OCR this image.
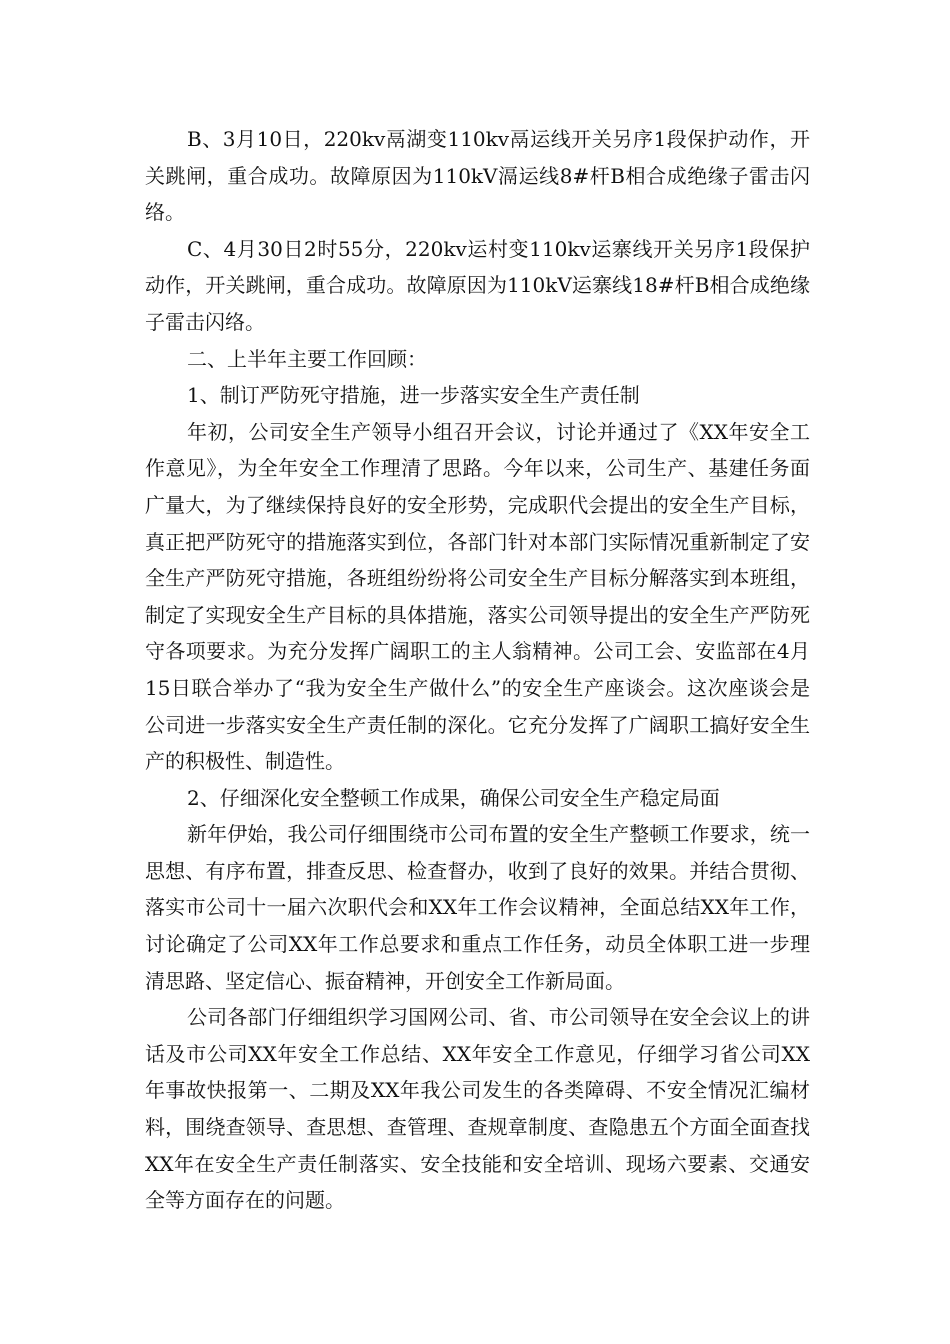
B、3月10日，220kv鬲湖变110kv鬲运线开关另序1段保护动作，开关跳闸，重合成功。故障原因为110kV滆运线8#杆B相合成绝缘子雷击闪络。

C、4月30日2时55分，220kv运村变110kv运寨线开关另序1段保护动作，开关跳闸，重合成功。故障原因为110kV运寨线18#杆B相合成绝缘子雷击闪络。

二、上半年主要工作回顾：

1、制订严防死守措施，进一步落实安全生产责任制

年初，公司安全生产领导小组召开会议，讨论并通过了《XX年安全工作意见》，为全年安全工作理清了思路。今年以来，公司生产、基建任务面广量大，为了继续保持良好的安全形势，完成职代会提出的安全生产目标，真正把严防死守的措施落实到位，各部门针对本部门实际情况重新制定了安全生产严防死守措施，各班组纷纷将公司安全生产目标分解落实到本班组，制定了实现安全生产目标的具体措施，落实公司领导提出的安全生产严防死守各项要求。为充分发挥广阔职工的主人翁精神。公司工会、安监部在4月15日联合举办了“我为安全生产做什么”的安全生产座谈会。这次座谈会是公司进一步落实安全生产责任制的深化。它充分发挥了广阔职工搞好安全生产的积极性、制造性。

2、仔细深化安全整顿工作成果，确保公司安全生产稳定局面

新年伊始，我公司仔细围绕市公司布置的安全生产整顿工作要求，统一思想、有序布置，排查反思、检查督办，收到了良好的效果。并结合贯彻、落实市公司十一届六次职代会和XX年工作会议精神，全面总结XX年工作，讨论确定了公司XX年工作总要求和重点工作任务，动员全体职工进一步理清思路、坚定信心、振奋精神，开创安全工作新局面。

公司各部门仔细组织学习国网公司、省、市公司领导在安全会议上的讲话及市公司XX年安全工作总结、XX年安全工作意见，仔细学习省公司XX年事故快报第一、二期及XX年我公司发生的各类障碍、不安全情况汇编材料，围绕查领导、查思想、查管理、查规章制度、查隐患五个方面全面查找XX年在安全生产责任制落实、安全技能和安全培训、现场六要素、交通安全等方面存在的问题。
